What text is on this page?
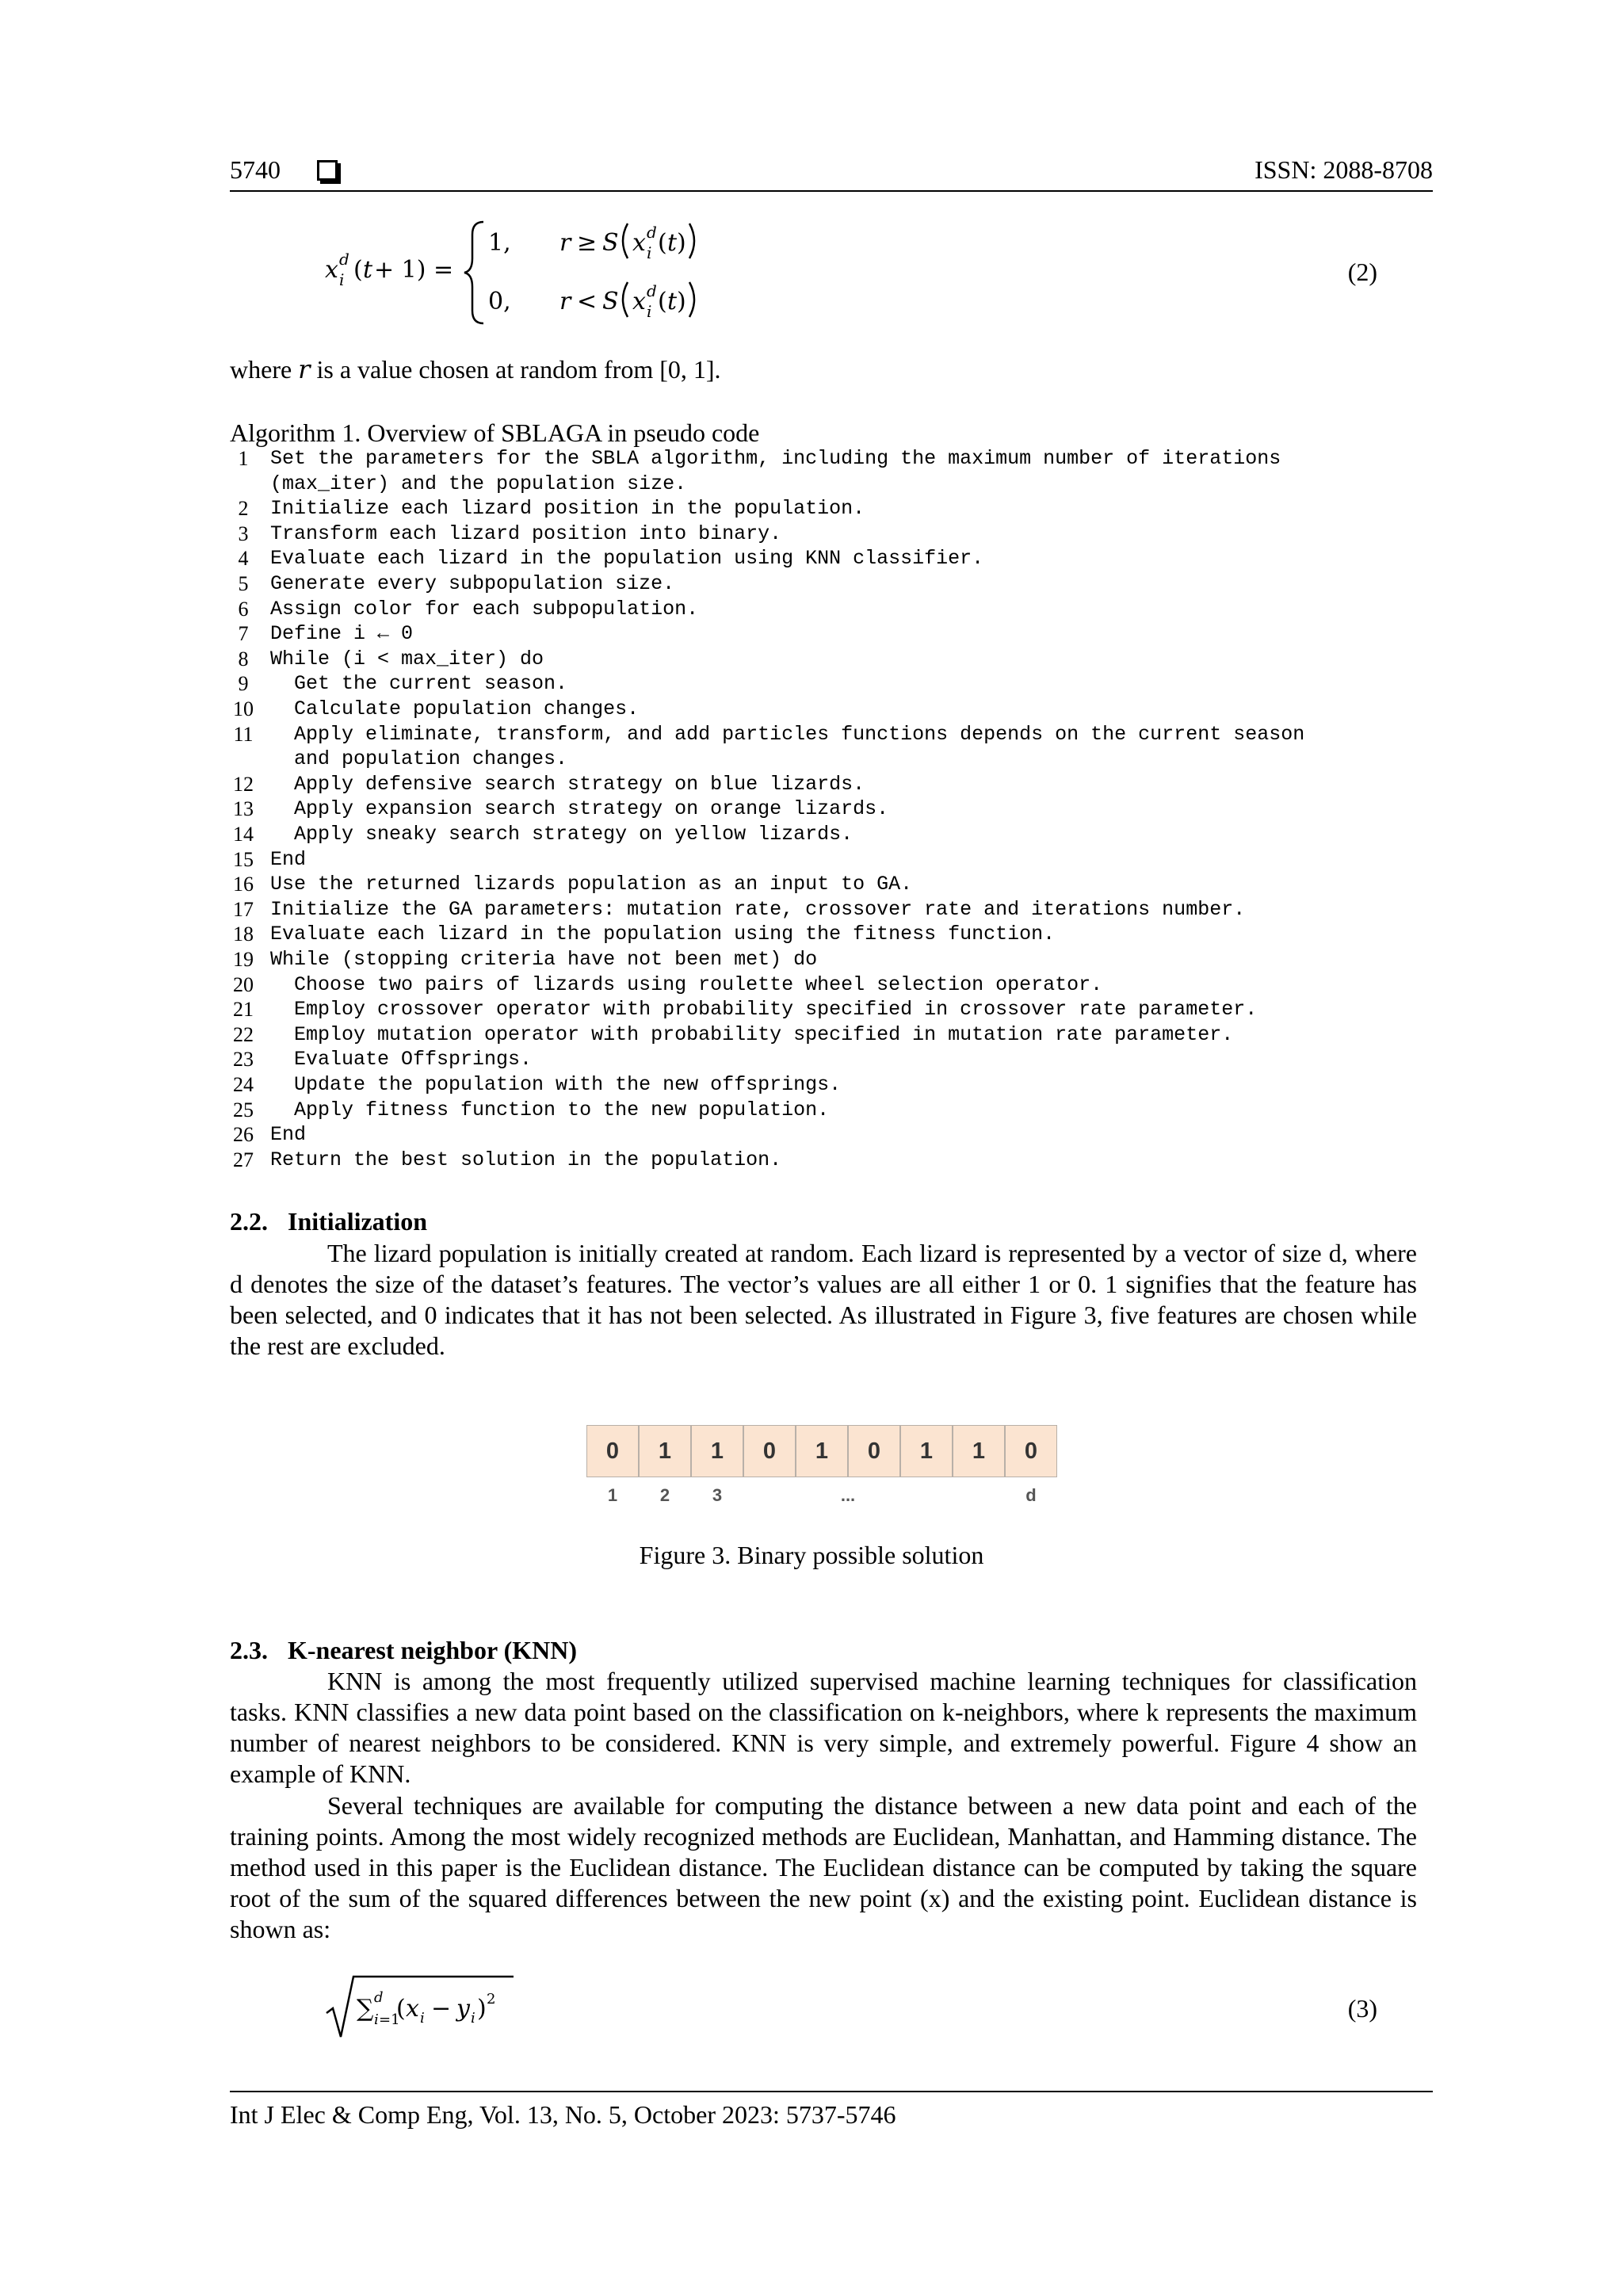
5740	ISSN: 2088-8708
x d
i ( t + 1) =
1, r ≥ S x d
i ( t )
0, r < S x d
i ( t )
(2)
where r is a value chosen at random from [0, 1].
Algorithm 1. Overview of SBLAGA in pseudo code
1	Set the parameters for the SBLA algorithm, including the maximum number of iterations
(max_iter) and the population size.
2	Initialize each lizard position in the population.
3	Transform each lizard position into binary.
4	Evaluate each lizard in the population using KNN classifier.
5	Generate every subpopulation size.
6	Assign color for each subpopulation.
7	Define i ← 0
8	While (i < max_iter) do
9	Get the current season.
10 Calculate population changes.
11 Apply eliminate, transform, and add particles functions depends on the current season
and population changes.
12 Apply defensive search strategy on blue lizards.
13 Apply expansion search strategy on orange lizards.
14 Apply sneaky search strategy on yellow lizards.
15 End
16 Use the returned lizards population as an input to GA.
17 Initialize the GA parameters: mutation rate, crossover rate and iterations number.
18 Evaluate each lizard in the population using the fitness function.
19 While (stopping criteria have not been met) do
20 Choose two pairs of lizards using roulette wheel selection operator.
21 Employ crossover operator with probability specified in crossover rate parameter.
22 Employ mutation operator with probability specified in mutation rate parameter.
23 Evaluate Offsprings.
24 Update the population with the new offsprings.
25 Apply fitness function to the new population.
26 End
27 Return the best solution in the population.
2.2. Initialization
The lizard population is initially created at random. Each lizard is represented by a vector of size d, where d denotes the size of the dataset’s features. The vector’s values are all either 1 or 0. 1 signifies that the feature has been selected, and 0 indicates that it has not been selected. As illustrated in Figure 3, five features are chosen while the rest are excluded.
0	1	1	0	1	0	1	1	0
1	2	3	...	d
Figure 3. Binary possible solution
2.3. K-nearest neighbor (KNN)
KNN is among the most frequently utilized supervised machine learning techniques for classification tasks. KNN classifies a new data point based on the classification on k-neighbors, where k represents the maximum number of nearest neighbors to be considered. KNN is very simple, and extremely powerful. Figure 4 show an example of KNN.
Several techniques are available for computing the distance between a new data point and each of the training points. Among the most widely recognized methods are Euclidean, Manhattan, and Hamming distance. The method used in this paper is the Euclidean distance. The Euclidean distance can be computed by taking the square root of the sum of the squared differences between the new point (x) and the existing point. Euclidean distance is shown as:
∑ d
i =1
( x i − y i ) 2	(3)
Int J Elec & Comp Eng, Vol. 13, No. 5, October 2023: 5737-5746
